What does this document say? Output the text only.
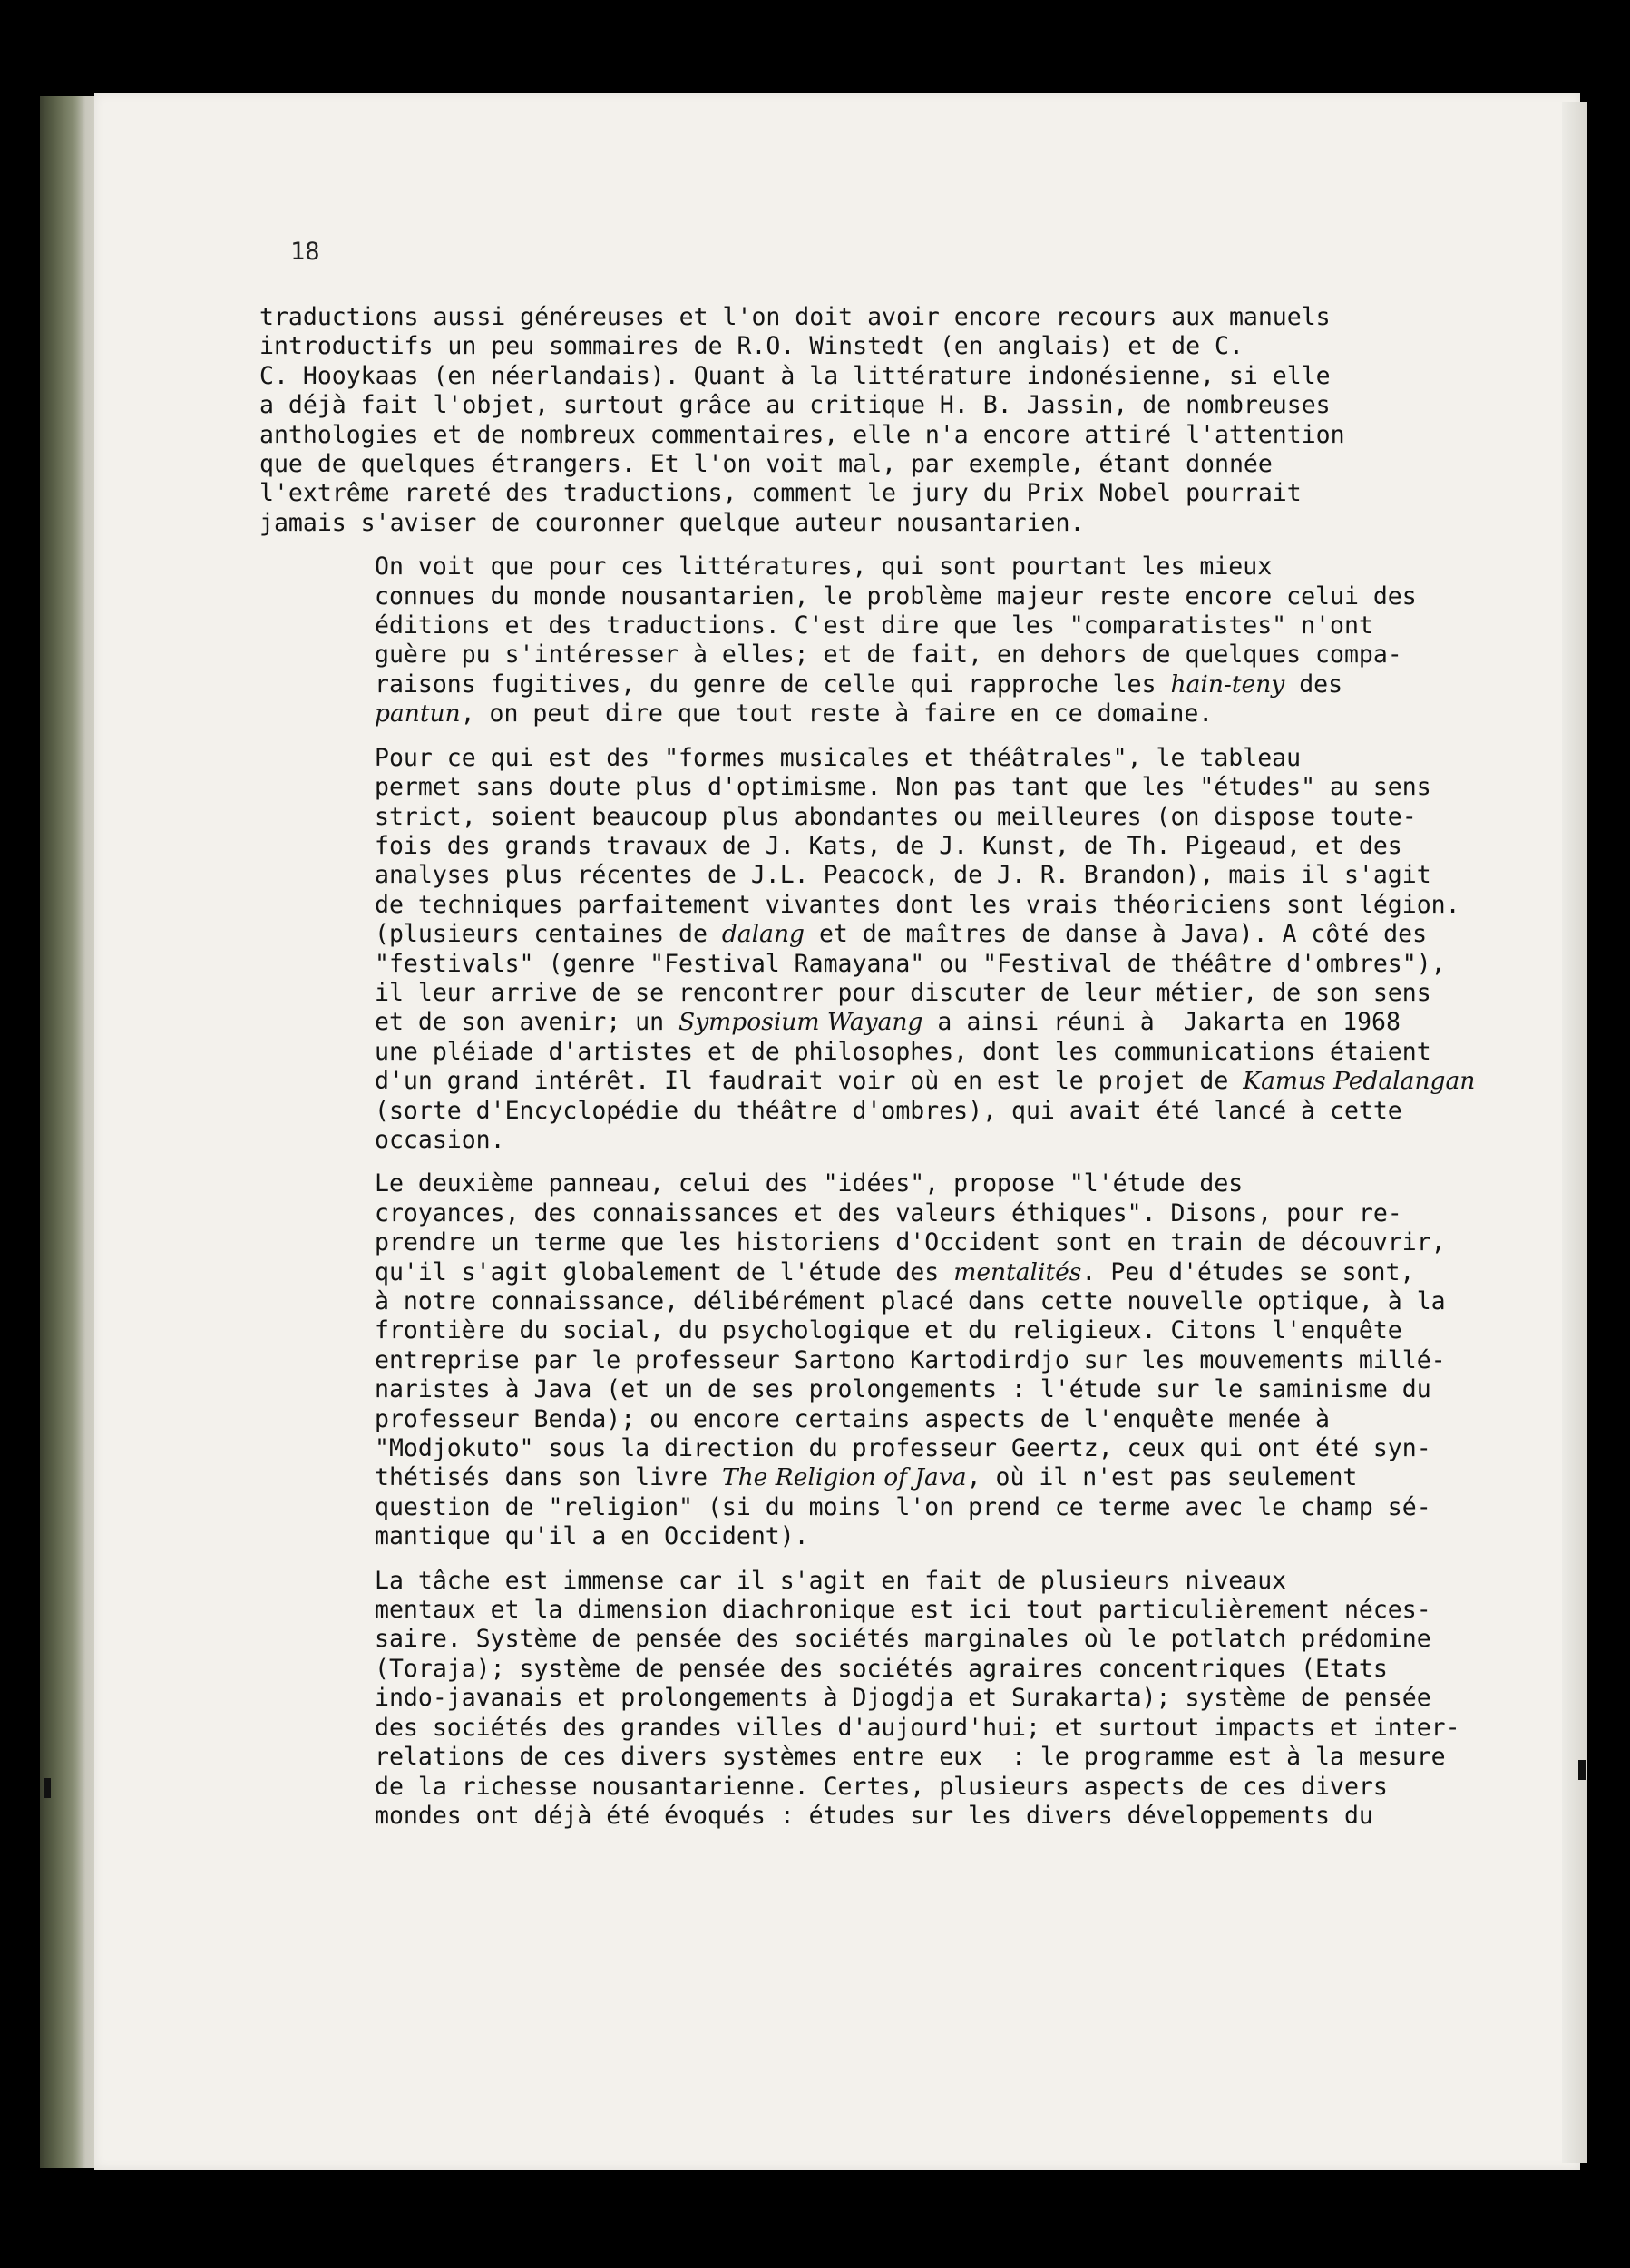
18

traductions aussi généreuses et l'on doit avoir encore recours aux manuels
introductifs un peu sommaires de R.O. Winstedt (en anglais) et de C.
C. Hooykaas (en néerlandais). Quant à la littérature indonésienne, si elle
a déjà fait l'objet, surtout grâce au critique H. B. Jassin, de nombreuses
anthologies et de nombreux commentaires, elle n'a encore attiré l'attention
que de quelques étrangers. Et l'on voit mal, par exemple, étant donnée
l'extrême rareté des traductions, comment le jury du Prix Nobel pourrait
jamais s'aviser de couronner quelque auteur nousantarien.

On voit que pour ces littératures, qui sont pourtant les mieux
connues du monde nousantarien, le problème majeur reste encore celui des
éditions et des traductions. C'est dire que les "comparatistes" n'ont
guère pu s'intéresser à elles; et de fait, en dehors de quelques compa-
raisons fugitives, du genre de celle qui rapproche les hain-teny des
pantun, on peut dire que tout reste à faire en ce domaine.

Pour ce qui est des "formes musicales et théâtrales", le tableau
permet sans doute plus d'optimisme. Non pas tant que les "études" au sens
strict, soient beaucoup plus abondantes ou meilleures (on dispose toute-
fois des grands travaux de J. Kats, de J. Kunst, de Th. Pigeaud, et des
analyses plus récentes de J.L. Peacock, de J. R. Brandon), mais il s'agit
de techniques parfaitement vivantes dont les vrais théoriciens sont légion.
(plusieurs centaines de dalang et de maîtres de danse à Java). A côté des
"festivals" (genre "Festival Ramayana" ou "Festival de théâtre d'ombres"),
il leur arrive de se rencontrer pour discuter de leur métier, de son sens
et de son avenir; un Symposium Wayang a ainsi réuni à  Jakarta en 1968
une pléiade d'artistes et de philosophes, dont les communications étaient
d'un grand intérêt. Il faudrait voir où en est le projet de Kamus Pedalangan
(sorte d'Encyclopédie du théâtre d'ombres), qui avait été lancé à cette
occasion.

Le deuxième panneau, celui des "idées", propose "l'étude des
croyances, des connaissances et des valeurs éthiques". Disons, pour re-
prendre un terme que les historiens d'Occident sont en train de découvrir,
qu'il s'agit globalement de l'étude des mentalités. Peu d'études se sont,
à notre connaissance, délibérément placé dans cette nouvelle optique, à la
frontière du social, du psychologique et du religieux. Citons l'enquête
entreprise par le professeur Sartono Kartodirdjo sur les mouvements millé-
naristes à Java (et un de ses prolongements : l'étude sur le saminisme du
professeur Benda); ou encore certains aspects de l'enquête menée à
"Modjokuto" sous la direction du professeur Geertz, ceux qui ont été syn-
thétisés dans son livre The Religion of Java, où il n'est pas seulement
question de "religion" (si du moins l'on prend ce terme avec le champ sé-
mantique qu'il a en Occident).

La tâche est immense car il s'agit en fait de plusieurs niveaux
mentaux et la dimension diachronique est ici tout particulièrement néces-
saire. Système de pensée des sociétés marginales où le potlatch prédomine
(Toraja); système de pensée des sociétés agraires concentriques (Etats
indo-javanais et prolongements à Djogdja et Surakarta); système de pensée
des sociétés des grandes villes d'aujourd'hui; et surtout impacts et inter-
relations de ces divers systèmes entre eux  : le programme est à la mesure
de la richesse nousantarienne. Certes, plusieurs aspects de ces divers
mondes ont déjà été évoqués : études sur les divers développements du
